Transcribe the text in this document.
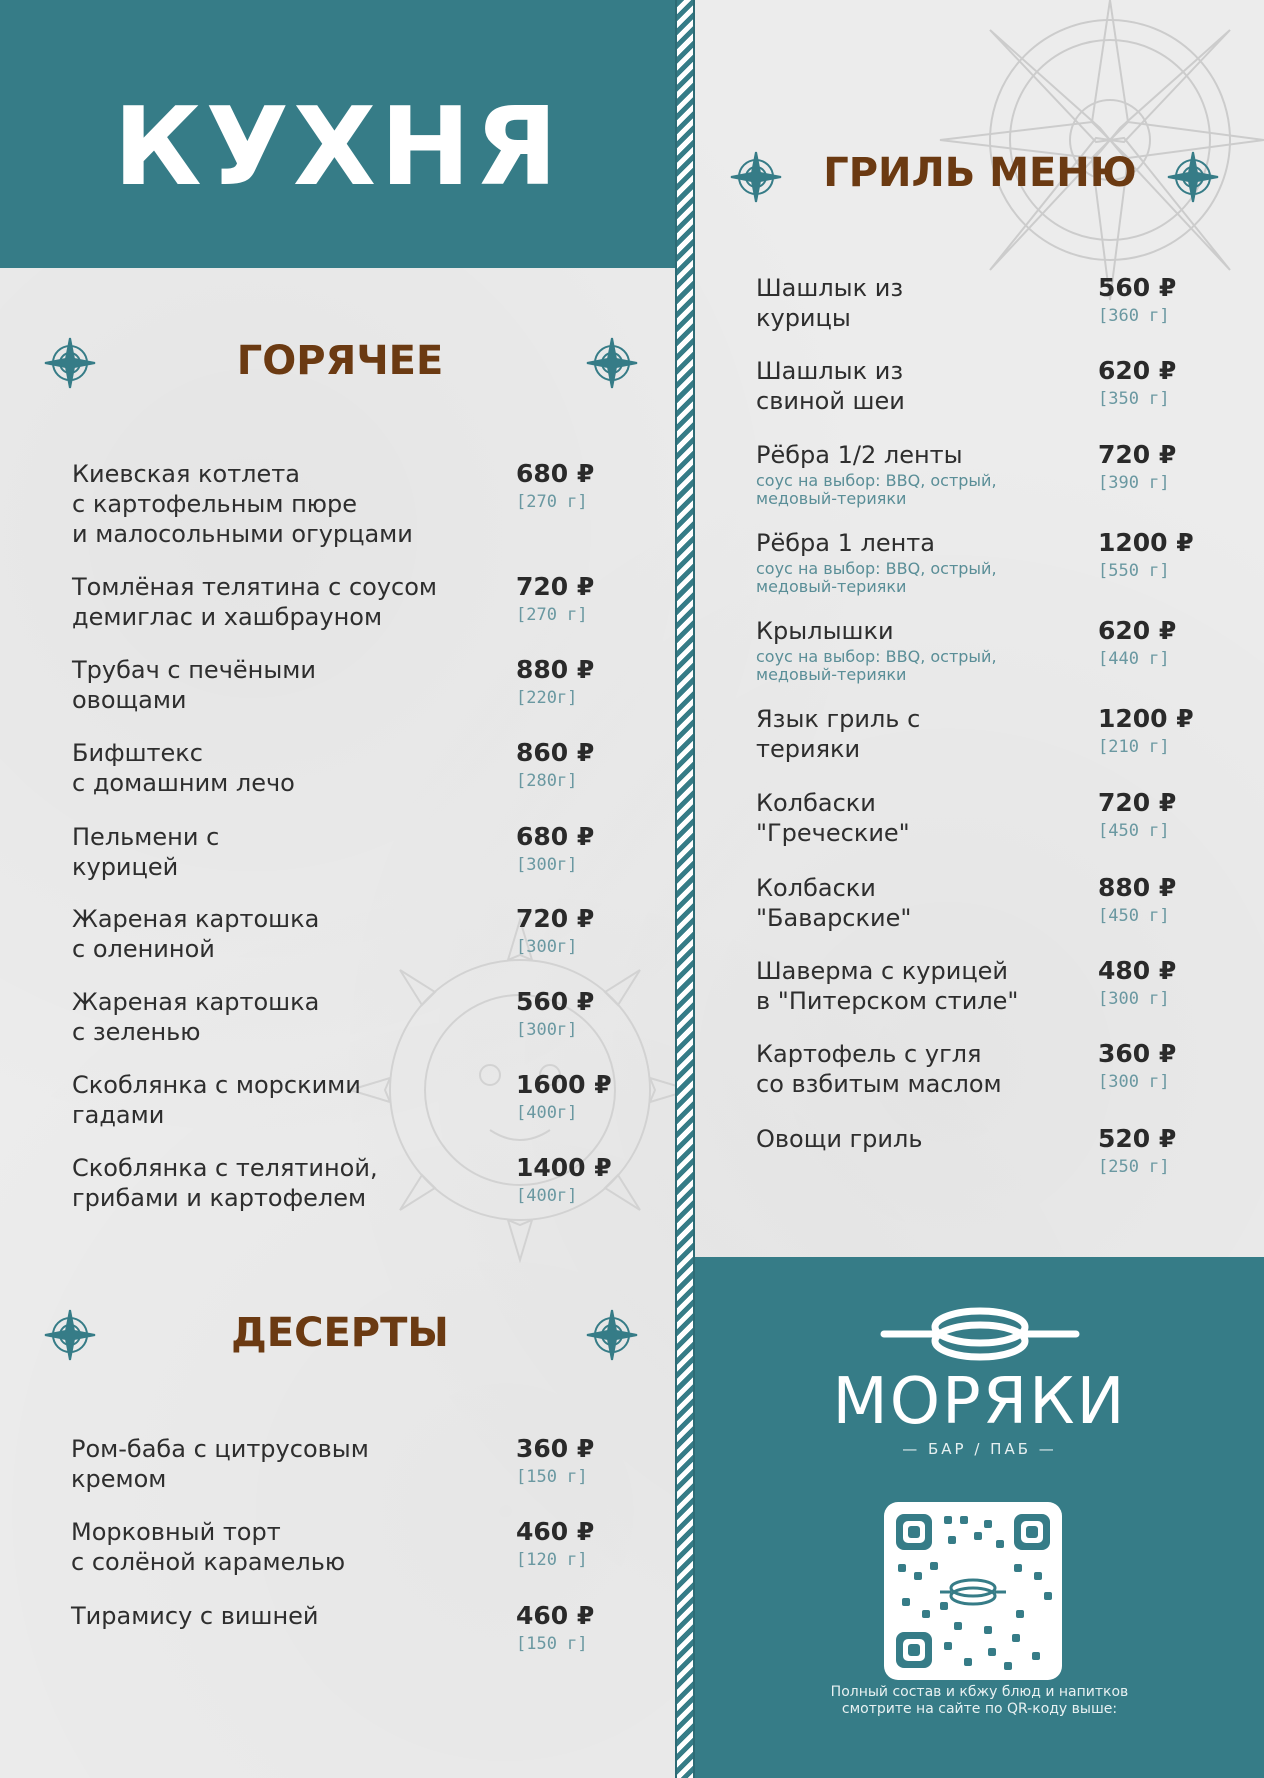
КУХНЯ
ГОРЯЧЕЕ
ГРИЛЬ МЕНЮ
ДЕСЕРТЫ
Киевская котлета
с картофельным пюре
и малосольными огурцами
680 ₽
[270 г]
Томлёная телятина с соусом
демиглас и хашбрауном
720 ₽
[270 г]
Трубач с печёными
овощами
880 ₽
[220г]
Бифштекс
с домашним лечо
860 ₽
[280г]
Пельмени с
курицей
680 ₽
[300г]
Жареная картошка
с олениной
720 ₽
[300г]
Жареная картошка
с зеленью
560 ₽
[300г]
Скоблянка с морскими
гадами
1600 ₽
[400г]
Скоблянка с телятиной,
грибами и картофелем
1400 ₽
[400г]
Ром-баба с цитрусовым
кремом
360 ₽
[150 г]
Морковный торт
с солёной карамелью
460 ₽
[120 г]
Тирамису с вишней	460 ₽
[150 г]
Шашлык из
курицы
560 ₽
[360 г]
Шашлык из
свиной шеи
620 ₽
[350 г]
Рёбра 1/2 ленты
соус на выбор: BBQ, острый,
медовый-терияки
720 ₽
[390 г]
Рёбра 1 лента
соус на выбор: BBQ, острый,
медовый-терияки
1200 ₽
[550 г]
Крылышки
соус на выбор: BBQ, острый,
медовый-терияки
620 ₽
[440 г]
Язык гриль с
терияки
1200 ₽
[210 г]
Колбаски
"Греческие"
720 ₽
[450 г]
Колбаски
"Баварские"
880 ₽
[450 г]
Шаверма с курицей
в "Питерском стиле"
480 ₽
[300 г]
Картофель с угля
со взбитым маслом
360 ₽
[300 г]
Овощи гриль	520 ₽
[250 г]
МОРЯКИ
— БАР / ПАБ —
Полный состав и кбжу блюд и напитков
смотрите на сайте по QR-коду выше:
